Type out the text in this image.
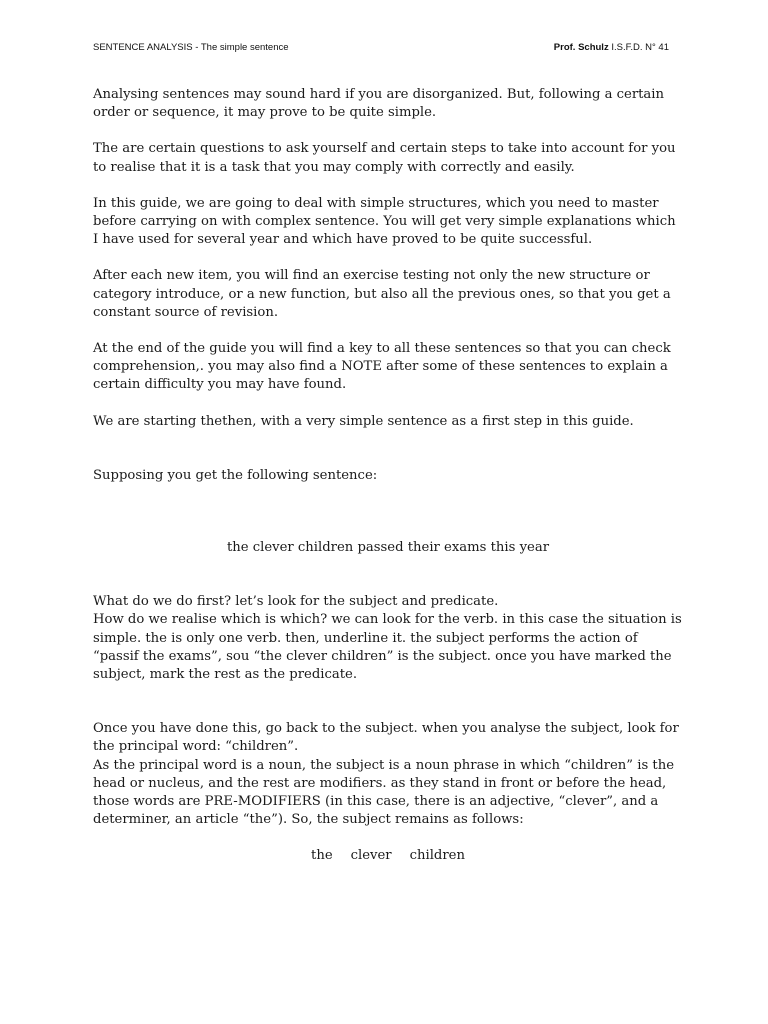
SENTENCE ANALYSIS - The simple sentence	Prof. Schulz I.S.F.D. N° 41

Analysing sentences may sound hard if you are disorganized. But, following a certain order or sequence, it may prove to be quite simple.

The are certain questions to ask yourself and certain steps to take into account for you to realise that it is a task that you may comply with correctly and easily.

In this guide, we are going to deal with simple structures, which you need to master before carrying on with complex sentence. You will get very simple explanations which I have used for several year and which have proved to be quite successful.

After each new item, you will find an exercise testing not only the new structure or category introduce, or a new function, but also all the previous ones, so that you get a constant source of revision.

At the end of the guide you will find a key to all these sentences so that you can check comprehension,. you may also find a NOTE after some of these sentences to explain a certain difficulty you may have found.

We are starting thethen, with a very simple sentence as a first step in this guide.

Supposing you get the following sentence:

the clever children passed their exams this year

What do we do first? let’s look for the subject and predicate.
How do we realise which is which? we can look for the verb. in this case the situation is simple. the is only one verb. then, underline it. the subject performs the action of “passif the exams”, sou “the clever children” is the subject. once you have marked the subject, mark the rest as the predicate.

Once you have done this, go back to the subject. when you analyse the subject, look for the principal word: “children”.
As the principal word is a noun, the subject is a noun phrase in which “children” is the head or nucleus, and the rest are modifiers. as they stand in front or before the head, those words are PRE-MODIFIERS (in this case, there is an adjective, “clever”, and a determiner, an article “the”). So, the subject remains as follows:

the clever children
